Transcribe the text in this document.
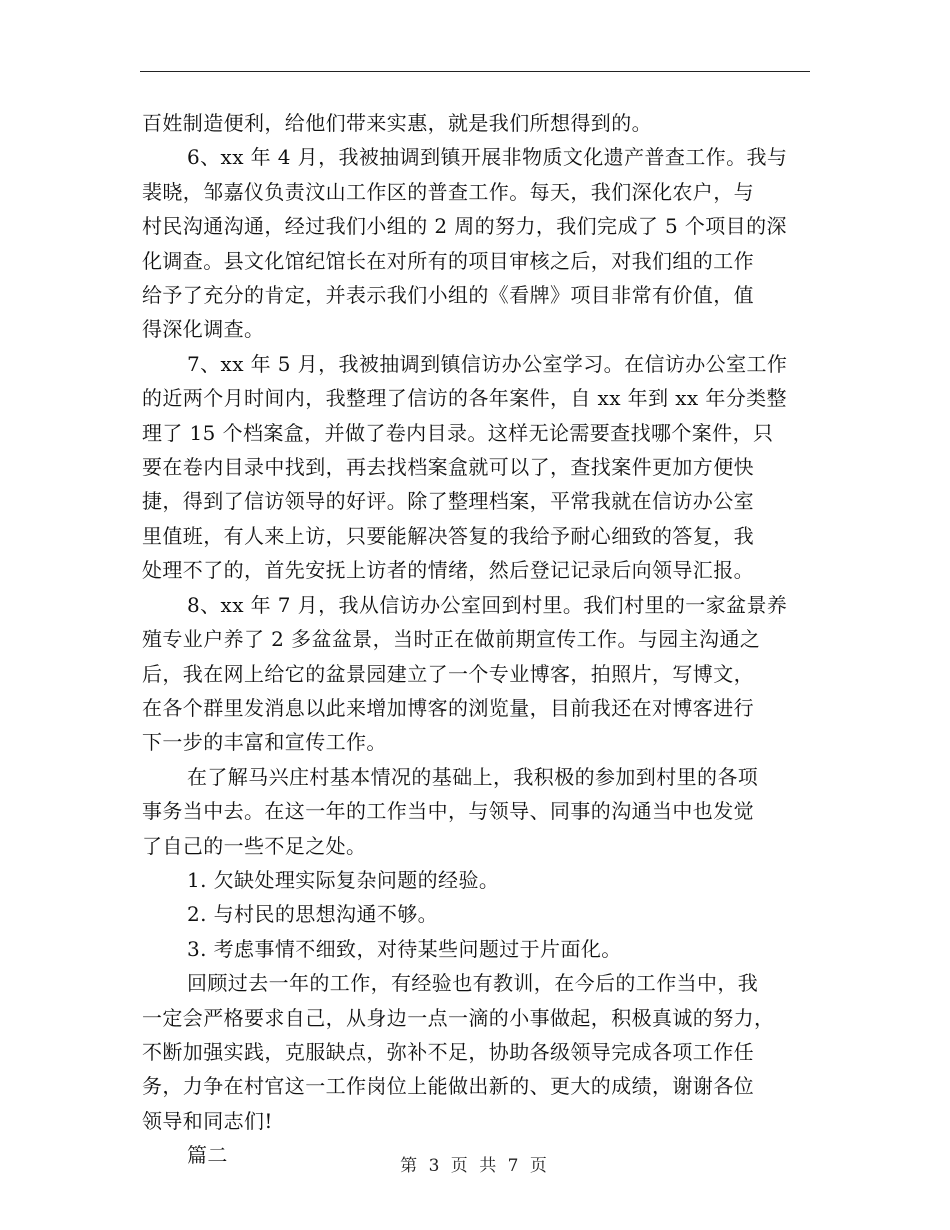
百姓制造便利，给他们带来实惠，就是我们所想得到的。

6、xx 年 4 月，我被抽调到镇开展非物质文化遗产普查工作。我与

裴晓，邹嘉仪负责汶山工作区的普查工作。每天，我们深化农户，与

村民沟通沟通，经过我们小组的 2 周的努力，我们完成了 5 个项目的深

化调查。县文化馆纪馆长在对所有的项目审核之后，对我们组的工作

给予了充分的肯定，并表示我们小组的《看牌》项目非常有价值，值

得深化调查。

7、xx 年 5 月，我被抽调到镇信访办公室学习。在信访办公室工作

的近两个月时间内，我整理了信访的各年案件，自 xx 年到 xx 年分类整

理了 15 个档案盒，并做了卷内目录。这样无论需要查找哪个案件，只

要在卷内目录中找到，再去找档案盒就可以了，查找案件更加方便快

捷，得到了信访领导的好评。除了整理档案，平常我就在信访办公室

里值班，有人来上访，只要能解决答复的我给予耐心细致的答复，我

处理不了的，首先安抚上访者的情绪，然后登记记录后向领导汇报。

8、xx 年 7 月，我从信访办公室回到村里。我们村里的一家盆景养

殖专业户养了 2 多盆盆景，当时正在做前期宣传工作。与园主沟通之

后，我在网上给它的盆景园建立了一个专业博客，拍照片，写博文，

在各个群里发消息以此来增加博客的浏览量，目前我还在对博客进行

下一步的丰富和宣传工作。

在了解马兴庄村基本情况的基础上，我积极的参加到村里的各项

事务当中去。在这一年的工作当中，与领导、同事的沟通当中也发觉

了自己的一些不足之处。

1. 欠缺处理实际复杂问题的经验。

2. 与村民的思想沟通不够。

3. 考虑事情不细致，对待某些问题过于片面化。

回顾过去一年的工作，有经验也有教训，在今后的工作当中，我

一定会严格要求自己，从身边一点一滴的小事做起，积极真诚的努力，

不断加强实践，克服缺点，弥补不足，协助各级领导完成各项工作任

务，力争在村官这一工作岗位上能做出新的、更大的成绩，谢谢各位

领导和同志们!

篇二	第 3 页 共 7 页
